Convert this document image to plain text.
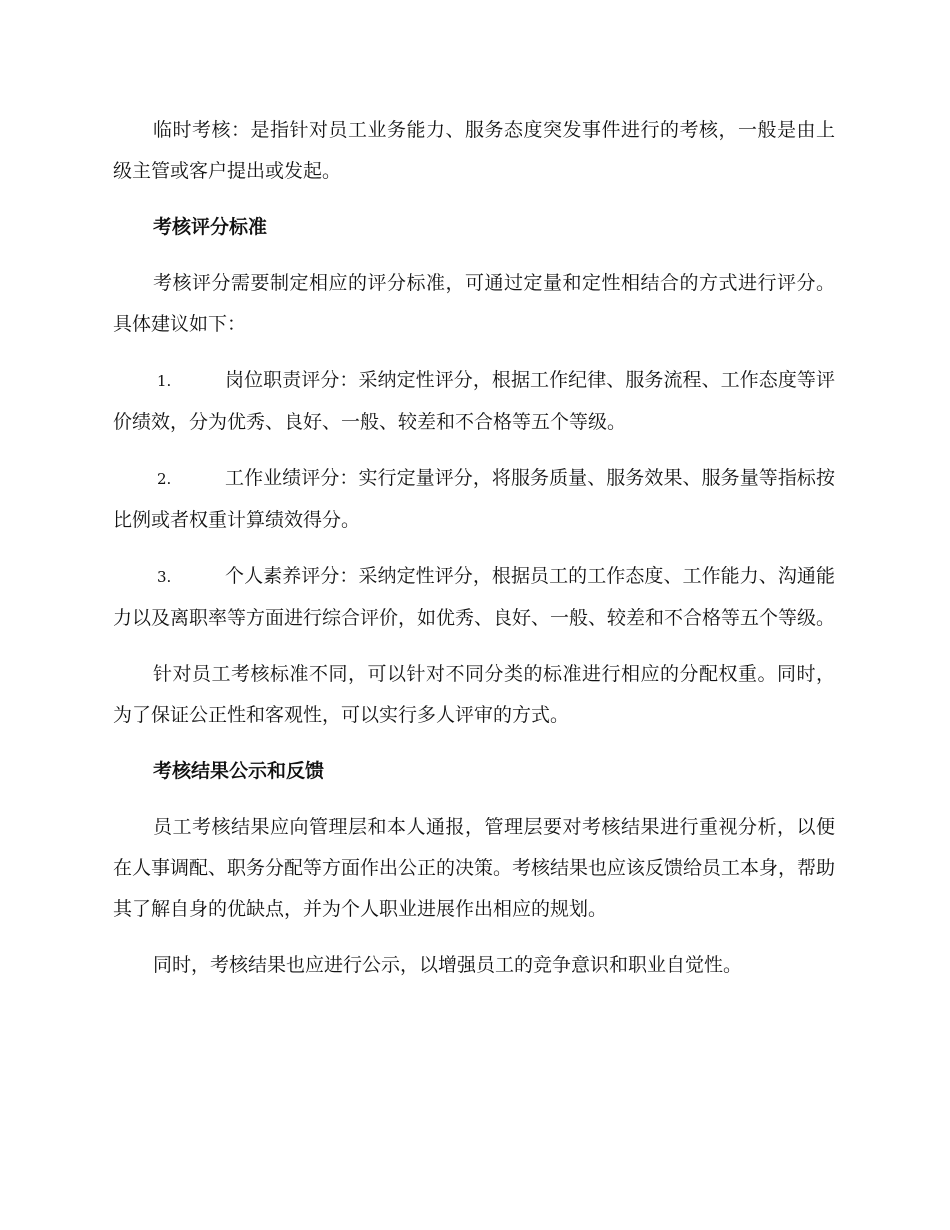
临时考核：是指针对员工业务能力、服务态度突发事件进行的考核，一般是由上级主管或客户提出或发起。

考核评分标准

考核评分需要制定相应的评分标准，可通过定量和定性相结合的方式进行评分。具体建议如下：

1.	岗位职责评分：采纳定性评分，根据工作纪律、服务流程、工作态度等评价绩效，分为优秀、良好、一般、较差和不合格等五个等级。

2.	工作业绩评分：实行定量评分，将服务质量、服务效果、服务量等指标按比例或者权重计算绩效得分。

3.	个人素养评分：采纳定性评分，根据员工的工作态度、工作能力、沟通能力以及离职率等方面进行综合评价，如优秀、良好、一般、较差和不合格等五个等级。

针对员工考核标准不同，可以针对不同分类的标准进行相应的分配权重。同时，为了保证公正性和客观性，可以实行多人评审的方式。

考核结果公示和反馈

员工考核结果应向管理层和本人通报，管理层要对考核结果进行重视分析，以便在人事调配、职务分配等方面作出公正的决策。考核结果也应该反馈给员工本身，帮助其了解自身的优缺点，并为个人职业进展作出相应的规划。

同时，考核结果也应进行公示，以增强员工的竞争意识和职业自觉性。
